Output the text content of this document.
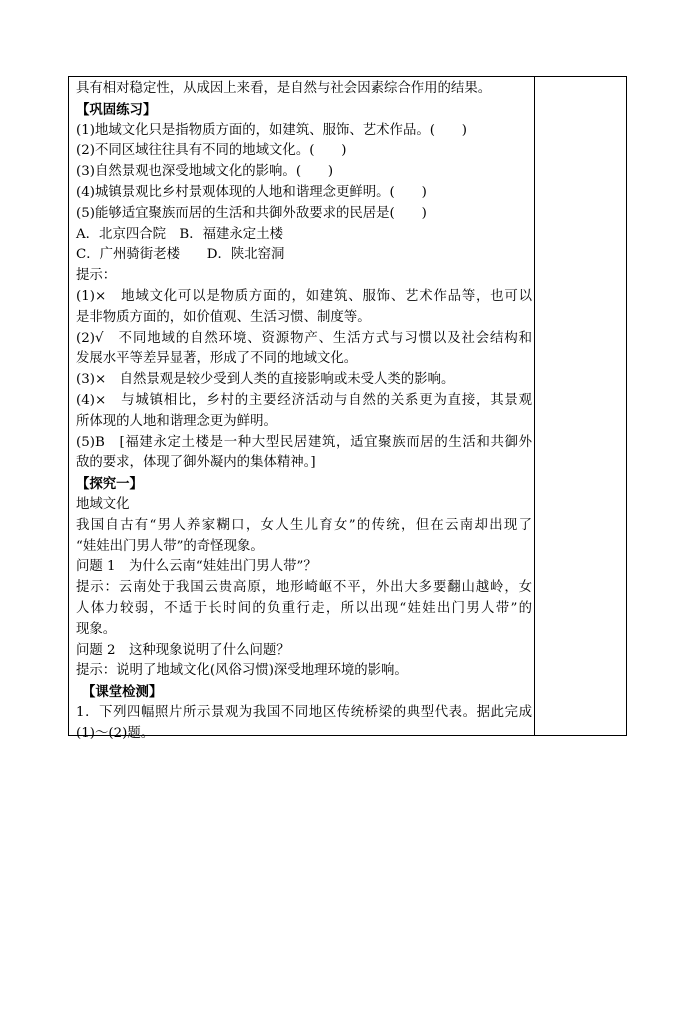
具有相对稳定性，从成因上来看，是自然与社会因素综合作用的结果。
【巩固练习】
(1)地域文化只是指物质方面的，如建筑、服饰、艺术作品。(　　)
(2)不同区域往往具有不同的地域文化。(　　)
(3)自然景观也深受地域文化的影响。(　　)
(4)城镇景观比乡村景观体现的人地和谐理念更鲜明。(　　)
(5)能够适宜聚族而居的生活和共御外敌要求的民居是(　　)
A．北京四合院　B．福建永定土楼
C．广州骑街老楼　　D．陕北窑洞
提示：
(1)×　地域文化可以是物质方面的，如建筑、服饰、艺术作品等，也可以
是非物质方面的，如价值观、生活习惯、制度等。
(2)√　不同地域的自然环境、资源物产、生活方式与习惯以及社会结构和
发展水平等差异显著，形成了不同的地域文化。
(3)×　自然景观是较少受到人类的直接影响或未受人类的影响。
(4)×　与城镇相比，乡村的主要经济活动与自然的关系更为直接，其景观
所体现的人地和谐理念更为鲜明。
(5)B　[福建永定土楼是一种大型民居建筑，适宜聚族而居的生活和共御外
敌的要求，体现了御外凝内的集体精神。]
【探究一】
地域文化
我国自古有“男人养家糊口，女人生儿育女”的传统，但在云南却出现了
“娃娃出门男人带”的奇怪现象。
问题 1　为什么云南“娃娃出门男人带”？
提示：云南处于我国云贵高原，地形崎岖不平，外出大多要翻山越岭，女
人体力较弱，不适于长时间的负重行走，所以出现“娃娃出门男人带”的
现象。
问题 2　这种现象说明了什么问题？
提示：说明了地域文化(风俗习惯)深受地理环境的影响。
【课堂检测】
1．下列四幅照片所示景观为我国不同地区传统桥梁的典型代表。据此完成
(1)～(2)题。
